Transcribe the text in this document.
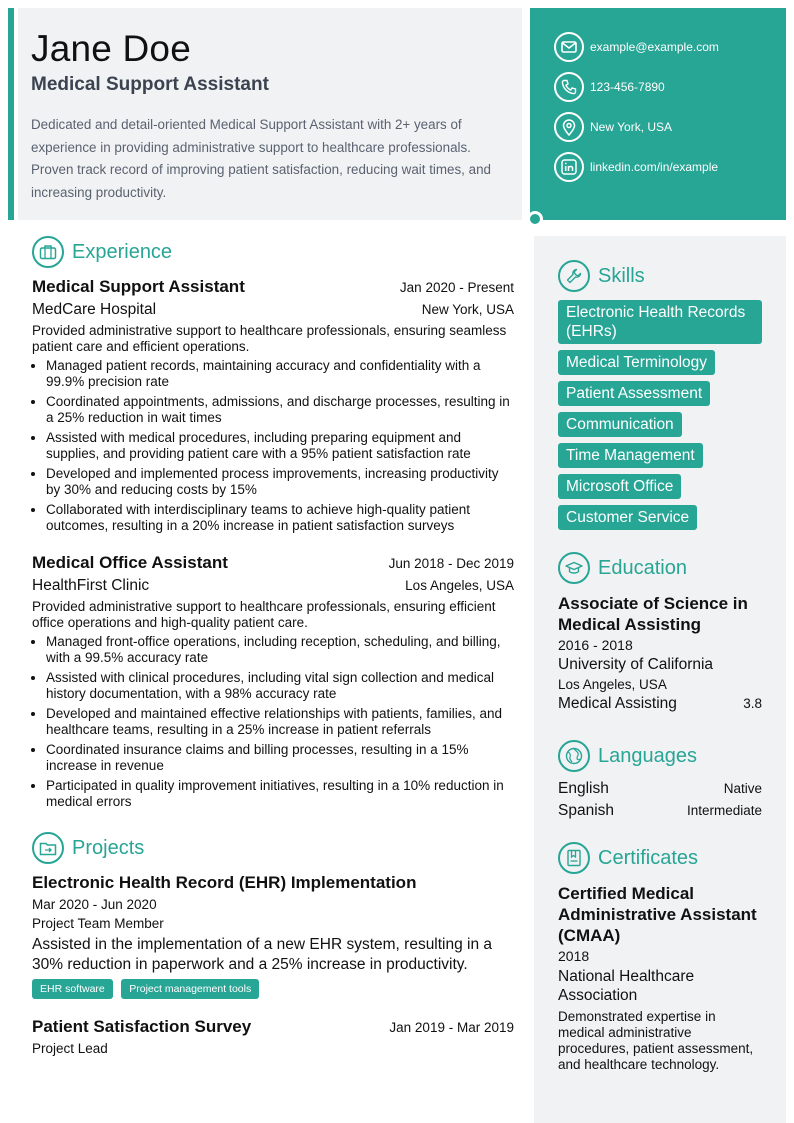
Jane Doe
Medical Support Assistant
Dedicated and detail-oriented Medical Support Assistant with 2+ years of experience in providing administrative support to healthcare professionals. Proven track record of improving patient satisfaction, reducing wait times, and increasing productivity.
example@example.com
123-456-7890
New York, USA
linkedin.com/in/example
Experience
Medical Support Assistant	Jan 2020 - Present
MedCare Hospital	New York, USA
Provided administrative support to healthcare professionals, ensuring seamless patient care and efficient operations.
• Managed patient records, maintaining accuracy and confidentiality with a 99.9% precision rate
• Coordinated appointments, admissions, and discharge processes, resulting in a 25% reduction in wait times
• Assisted with medical procedures, including preparing equipment and supplies, and providing patient care with a 95% patient satisfaction rate
• Developed and implemented process improvements, increasing productivity by 30% and reducing costs by 15%
• Collaborated with interdisciplinary teams to achieve high-quality patient outcomes, resulting in a 20% increase in patient satisfaction surveys
Medical Office Assistant	Jun 2018 - Dec 2019
HealthFirst Clinic	Los Angeles, USA
Provided administrative support to healthcare professionals, ensuring efficient office operations and high-quality patient care.
• Managed front-office operations, including reception, scheduling, and billing, with a 99.5% accuracy rate
• Assisted with clinical procedures, including vital sign collection and medical history documentation, with a 98% accuracy rate
• Developed and maintained effective relationships with patients, families, and healthcare teams, resulting in a 25% increase in patient referrals
• Coordinated insurance claims and billing processes, resulting in a 15% increase in revenue
• Participated in quality improvement initiatives, resulting in a 10% reduction in medical errors
Projects
Electronic Health Record (EHR) Implementation
Mar 2020 - Jun 2020
Project Team Member
Assisted in the implementation of a new EHR system, resulting in a 30% reduction in paperwork and a 25% increase in productivity.
EHR software Project management tools
Patient Satisfaction Survey	Jan 2019 - Mar 2019
Project Lead
Skills
Electronic Health Records (EHRs)
Medical Terminology
Patient Assessment
Communication
Time Management
Microsoft Office
Customer Service
Education
Associate of Science in Medical Assisting
2016 - 2018
University of California
Los Angeles, USA
Medical Assisting	3.8
Languages
English	Native
Spanish	Intermediate
Certificates
Certified Medical Administrative Assistant (CMAA)
2018
National Healthcare Association
Demonstrated expertise in medical administrative procedures, patient assessment, and healthcare technology.
